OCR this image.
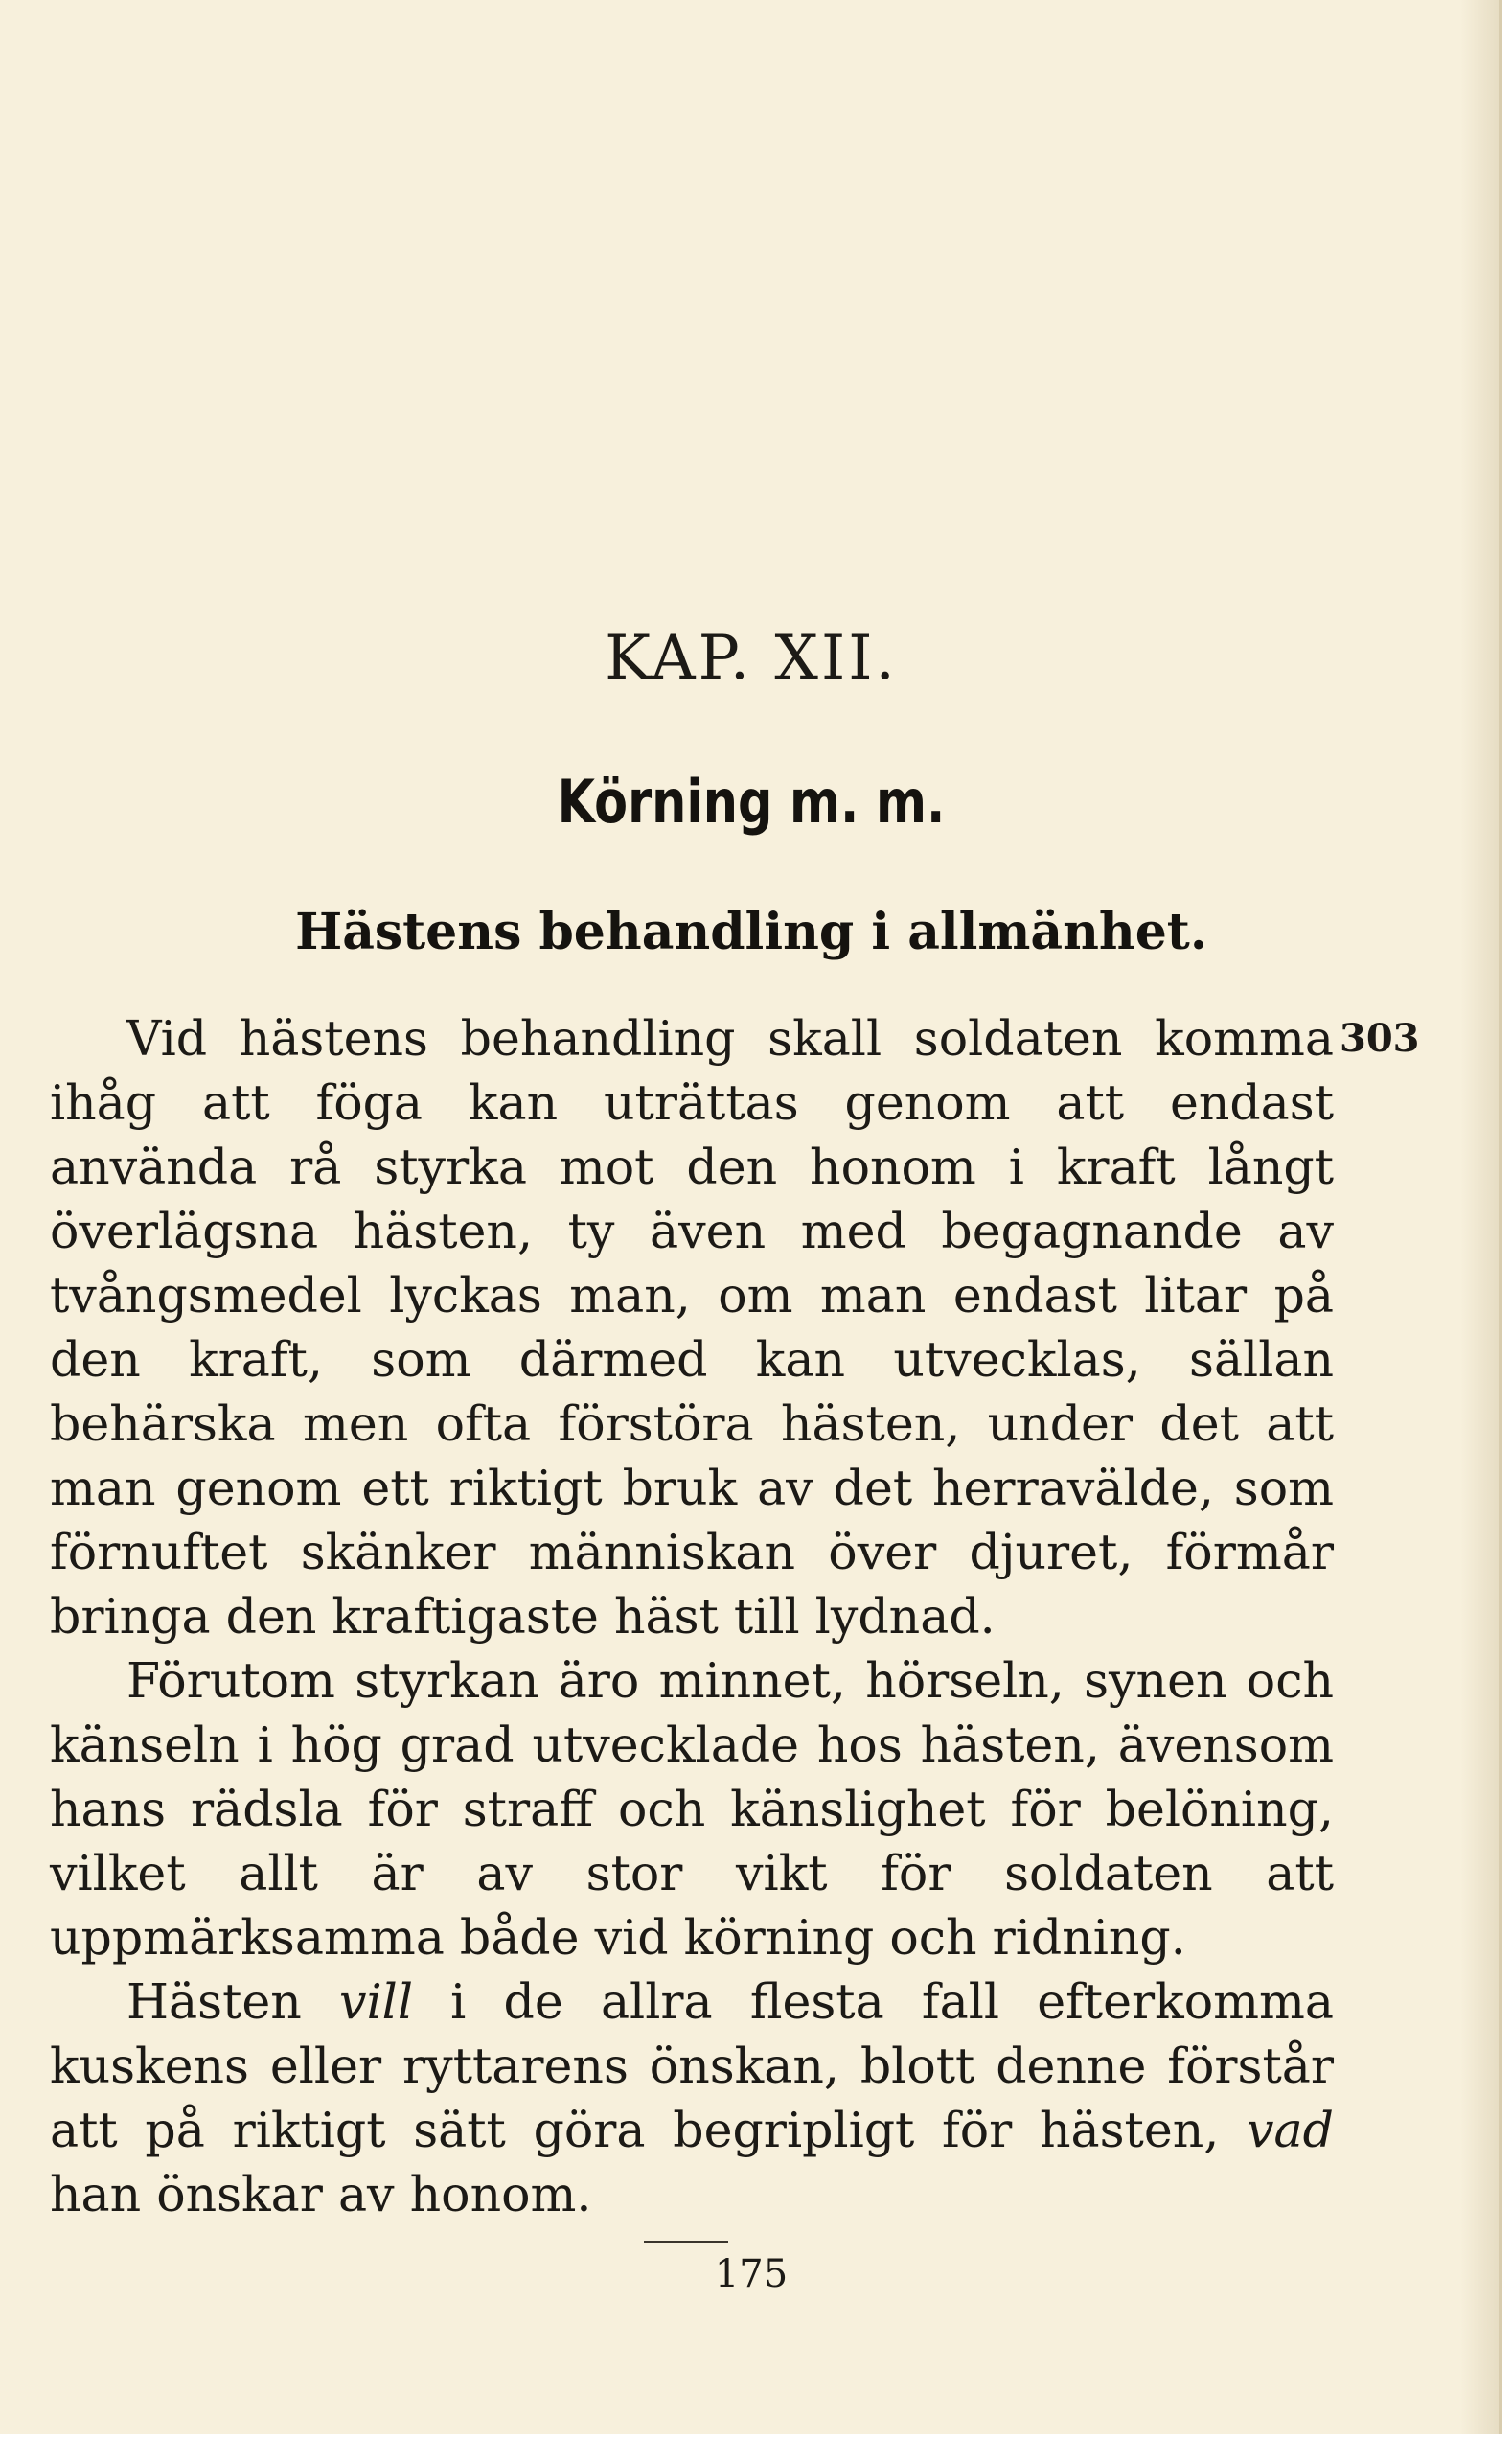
KAP. XII.
Körning m. m.
Hästens behandling i allmänhet.
303

Vid hästens behandling skall soldaten komma ihåg att föga kan uträttas genom att endast använda rå styrka mot den honom i kraft långt överlägsna hästen, ty även med begagnande av tvångsmedel lyckas man, om man endast litar på den kraft, som därmed kan utvecklas, sällan behärska men ofta förstöra hästen, under det att man genom ett riktigt bruk av det herravälde, som förnuftet skänker människan över djuret, förmår bringa den kraftigaste häst till lydnad.

Förutom styrkan äro minnet, hörseln, synen och känseln i hög grad utvecklade hos hästen, ävensom hans rädsla för straff och känslighet för belöning, vilket allt är av stor vikt för soldaten att uppmärksamma både vid körning och ridning.

Hästen vill i de allra flesta fall efterkomma kuskens eller ryttarens önskan, blott denne förstår att på riktigt sätt göra begripligt för hästen, vad han önskar av honom.

175
